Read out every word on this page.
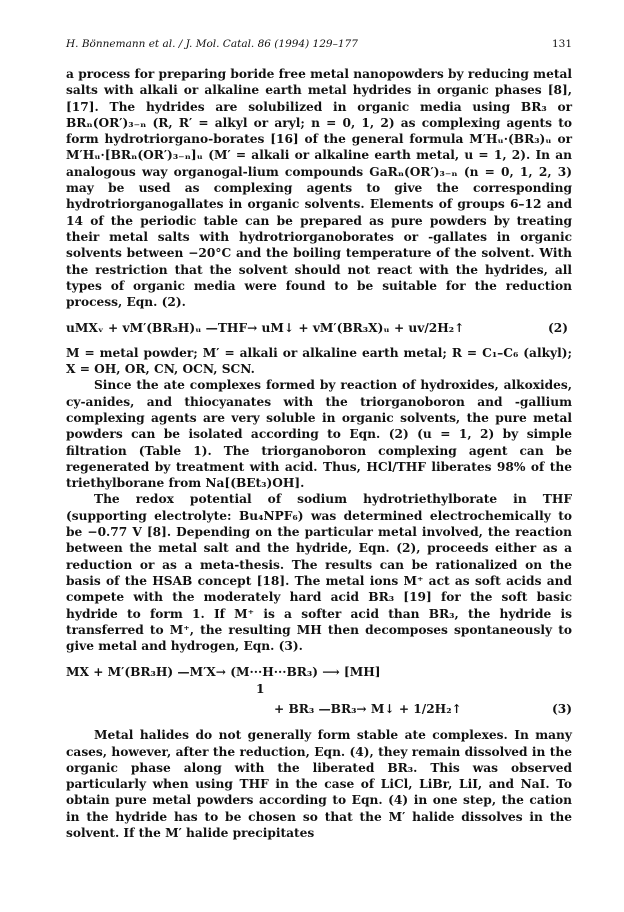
H. Bönnemann et al. / J. Mol. Catal. 86 (1994) 129–177	131

a process for preparing boride free metal nanopowders by reducing metal salts with alkali or alkaline earth metal hydrides in organic phases [8], [17]. The hydrides are solubilized in organic media using BR₃ or BRₙ(OR′)₃₋ₙ (R, R′ = alkyl or aryl; n = 0, 1, 2) as complexing agents to form hydrotriorgano-borates [16] of the general formula M′Hᵤ·(BR₃)ᵤ or M′Hᵤ·[BRₙ(OR′)₃₋ₙ]ᵤ (M′ = alkali or alkaline earth metal, u = 1, 2). In an analogous way organogal-lium compounds GaRₙ(OR′)₃₋ₙ (n = 0, 1, 2, 3) may be used as complexing agents to give the corresponding hydrotriorganogallates in organic solvents. Elements of groups 6–12 and 14 of the periodic table can be prepared as pure powders by treating their metal salts with hydrotriorganoborates or -gallates in organic solvents between −20°C and the boiling temperature of the solvent. With the restriction that the solvent should not react with the hydrides, all types of organic media were found to be suitable for the reduction process, Eqn. (2).

uMXᵥ + vM′(BR₃H)ᵤ —THF→ uM↓ + vM′(BR₃X)ᵤ + uv/2H₂↑	(2)

M = metal powder; M′ = alkali or alkaline earth metal; R = C₁–C₆ (alkyl); X = OH, OR, CN, OCN, SCN.

Since the ate complexes formed by reaction of hydroxides, alkoxides, cy-anides, and thiocyanates with the triorganoboron and -gallium complexing agents are very soluble in organic solvents, the pure metal powders can be isolated according to Eqn. (2) (u = 1, 2) by simple filtration (Table 1). The triorganoboron complexing agent can be regenerated by treatment with acid. Thus, HCl/THF liberates 98% of the triethylborane from Na[(BEt₃)OH].

The redox potential of sodium hydrotriethylborate in THF (supporting electrolyte: Bu₄NPF₆) was determined electrochemically to be −0.77 V [8]. Depending on the particular metal involved, the reaction between the metal salt and the hydride, Eqn. (2), proceeds either as a reduction or as a meta-thesis. The results can be rationalized on the basis of the HSAB concept [18]. The metal ions M⁺ act as soft acids and compete with the moderately hard acid BR₃ [19] for the soft basic hydride to form 1. If M⁺ is a softer acid than BR₃, the hydride is transferred to M⁺, the resulting MH then decomposes spontaneously to give metal and hydrogen, Eqn. (3).

MX + M′(BR₃H) —M′X→ (M···H···BR₃) ⟶ [MH]
1
+ BR₃ —BR₃→ M↓ + 1/2H₂↑	(3)

Metal halides do not generally form stable ate complexes. In many cases, however, after the reduction, Eqn. (4), they remain dissolved in the organic phase along with the liberated BR₃. This was observed particularly when using THF in the case of LiCl, LiBr, LiI, and NaI. To obtain pure metal powders according to Eqn. (4) in one step, the cation in the hydride has to be chosen so that the M′ halide dissolves in the solvent. If the M′ halide precipitates
